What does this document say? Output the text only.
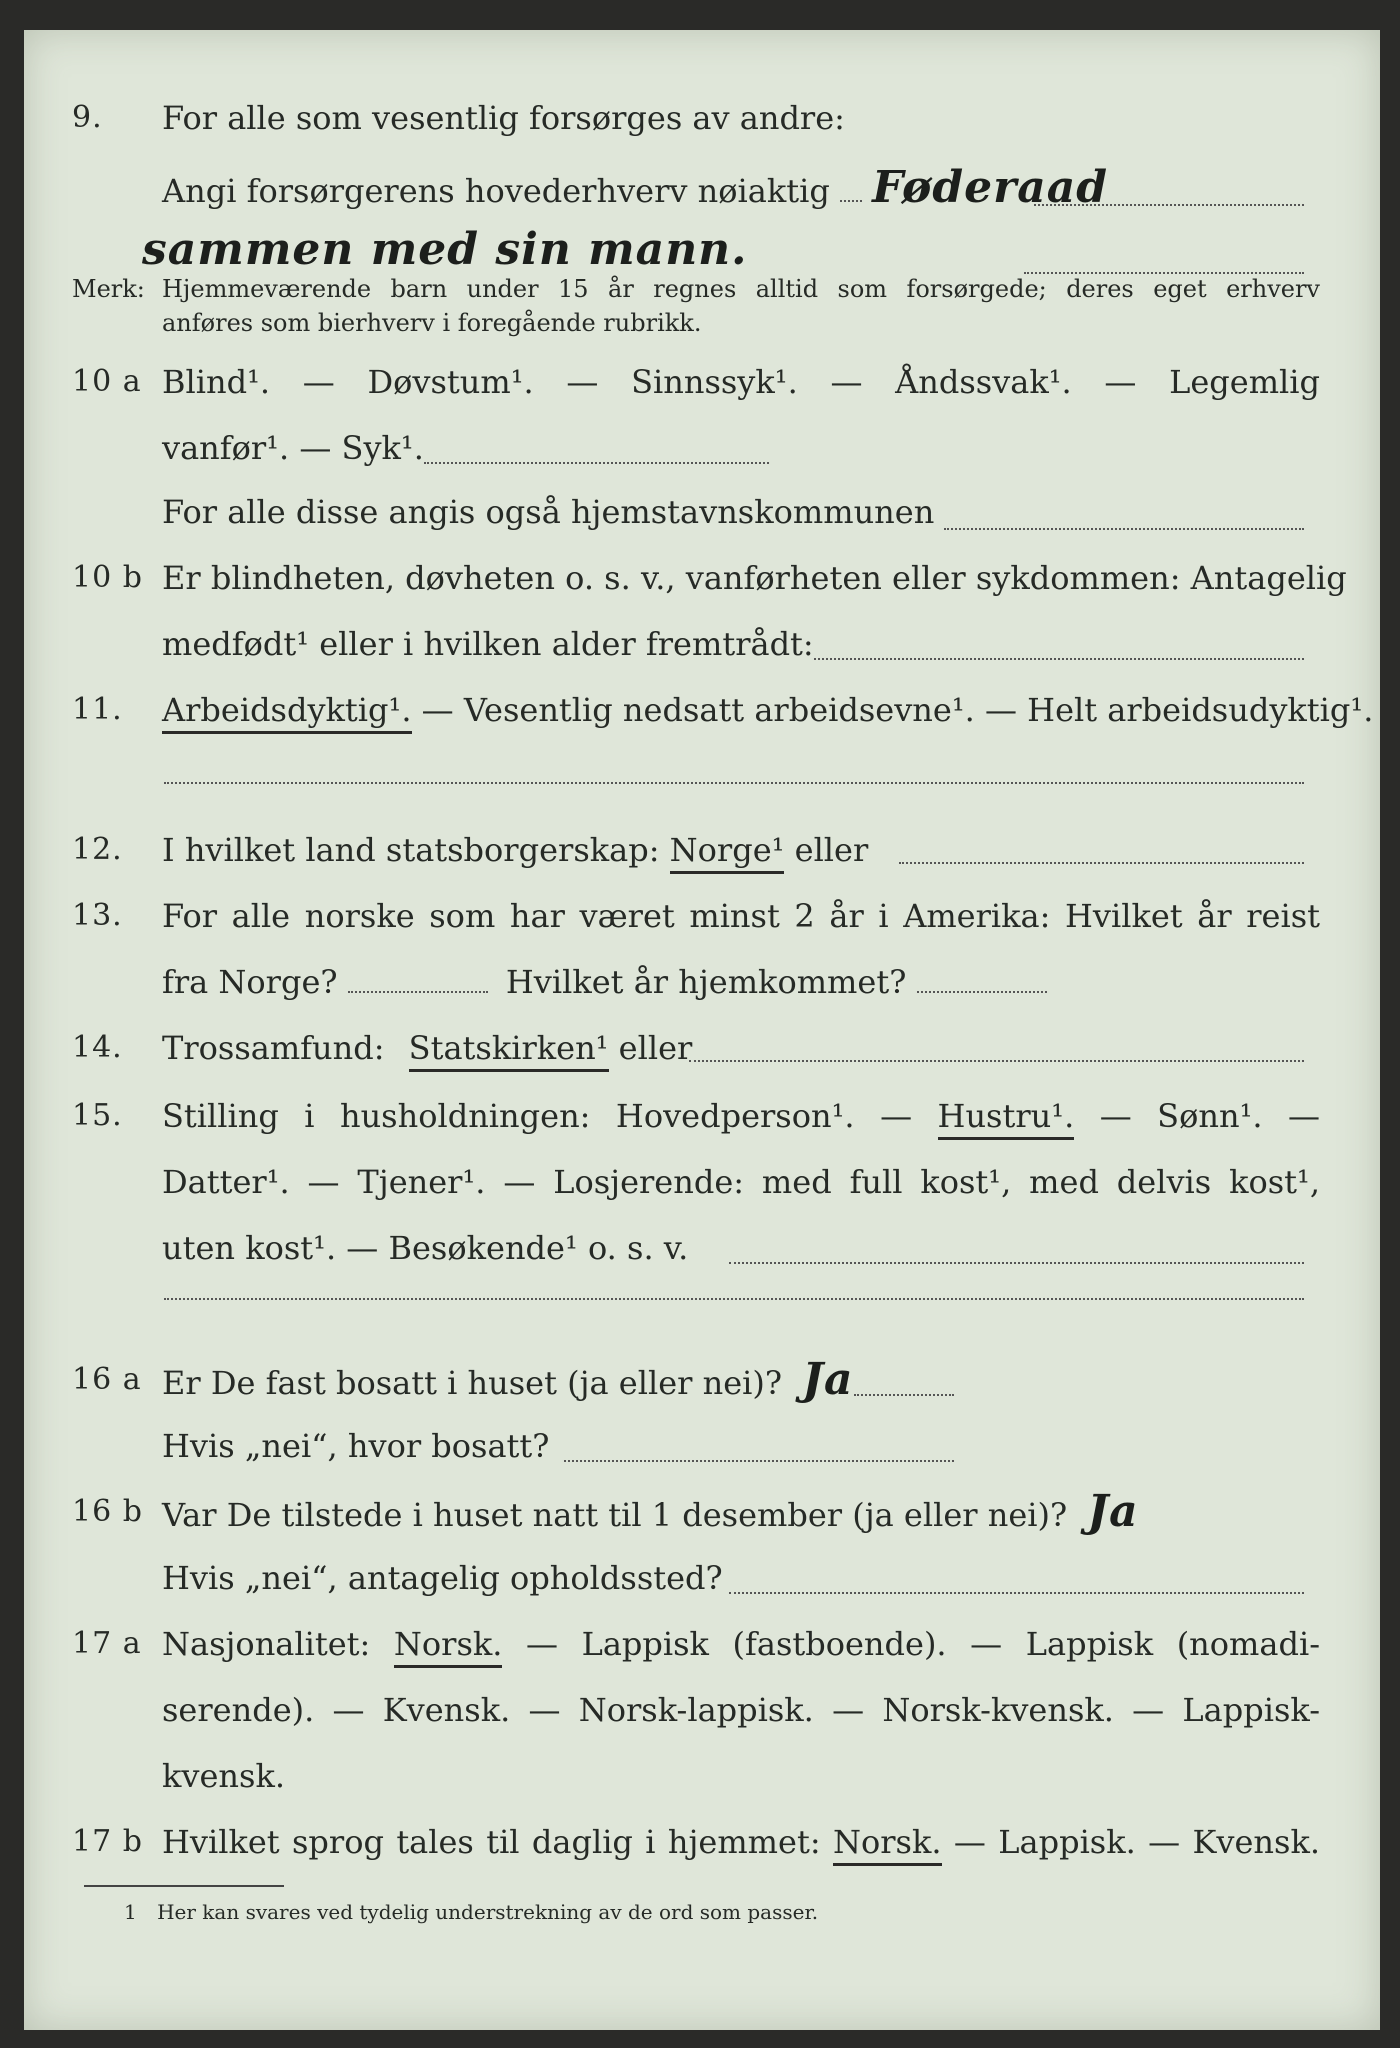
9. For alle som vesentlig forsørges av andre:
Angi forsørgerens hovederhverv nøiaktig Føderaad
sammen med sin mann.
Merk: Hjemmeværende barn under 15 år regnes alltid som forsørgede; deres eget erhverv
anføres som bierhverv i foregående rubrikk.
10 a Blind¹. — Døvstum¹. — Sinnssyk¹. — Åndssvak¹. — Legemlig
vanfør¹. — Syk¹.
For alle disse angis også hjemstavnskommunen
10 b Er blindheten, døvheten o. s. v., vanførheten eller sykdommen: Antagelig
medfødt¹ eller i hvilken alder fremtrådt:
11. Arbeidsdyktig¹. — Vesentlig nedsatt arbeidsevne¹. — Helt arbeidsudyktig¹.
12. I hvilket land statsborgerskap: Norge¹ eller
13. For alle norske som har været minst 2 år i Amerika: Hvilket år reist
fra Norge?	Hvilket år hjemkommet?
14. Trossamfund: Statskirken¹ eller
15. Stilling i husholdningen: Hovedperson¹. — Hustru¹. — Sønn¹. —
Datter¹. — Tjener¹. — Losjerende: med full kost¹, med delvis kost¹,
uten kost¹. — Besøkende¹ o. s. v.
16 a Er De fast bosatt i huset (ja eller nei)? Ja
Hvis „nei“, hvor bosatt?
16 b Var De tilstede i huset natt til 1 desember (ja eller nei)? Ja
Hvis „nei“, antagelig opholdssted?
17 a Nasjonalitet: Norsk. — Lappisk (fastboende). — Lappisk (nomadi-
serende). — Kvensk. — Norsk-lappisk. — Norsk-kvensk. — Lappisk-
kvensk.
17 b Hvilket sprog tales til daglig i hjemmet: Norsk. — Lappisk. — Kvensk.
1 Her kan svares ved tydelig understrekning av de ord som passer.
